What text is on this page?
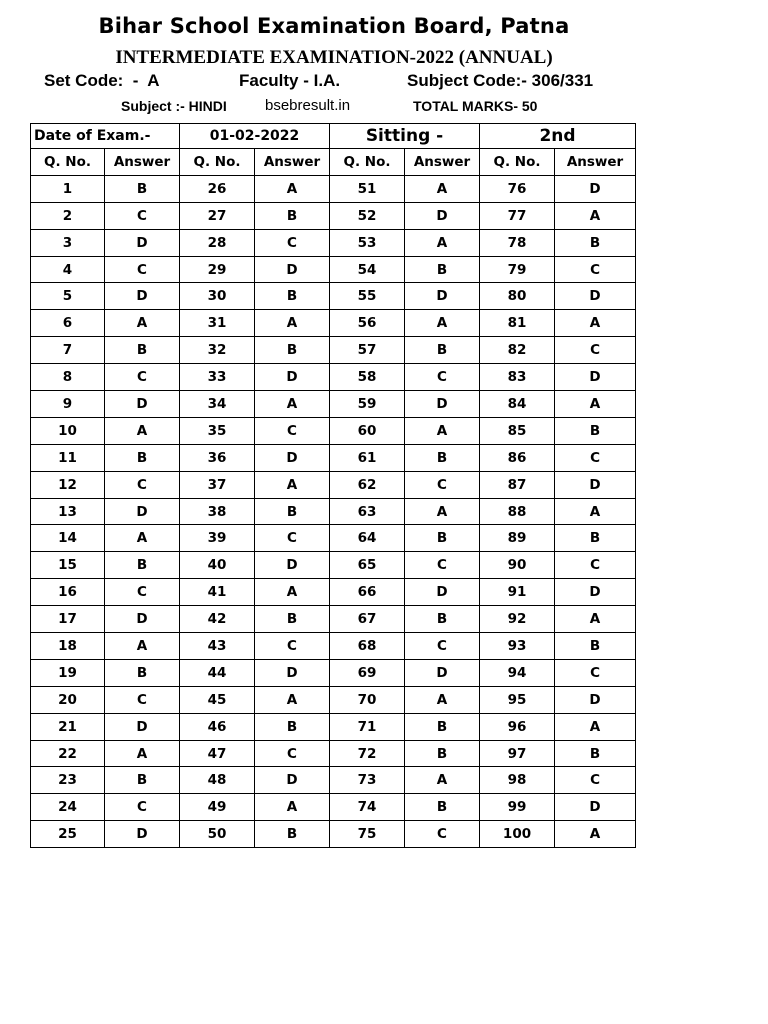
Bihar School Examination Board, Patna
INTERMEDIATE EXAMINATION-2022 (ANNUAL)
Set Code:  -  A	Faculty - I.A.	Subject Code:- 306/331
Subject :- HINDI	bsebresult.in	TOTAL MARKS- 50
Date of Exam.-		01-02-2022		Sitting -		2nd	
Q. No.	Answer	Q. No.	Answer	Q. No.	Answer	Q. No.	Answer
1	B	26	A	51	A	76	D
2	C	27	B	52	D	77	A
3	D	28	C	53	A	78	B
4	C	29	D	54	B	79	C
5	D	30	B	55	D	80	D
6	A	31	A	56	A	81	A
7	B	32	B	57	B	82	C
8	C	33	D	58	C	83	D
9	D	34	A	59	D	84	A
10	A	35	C	60	A	85	B
11	B	36	D	61	B	86	C
12	C	37	A	62	C	87	D
13	D	38	B	63	A	88	A
14	A	39	C	64	B	89	B
15	B	40	D	65	C	90	C
16	C	41	A	66	D	91	D
17	D	42	B	67	B	92	A
18	A	43	C	68	C	93	B
19	B	44	D	69	D	94	C
20	C	45	A	70	A	95	D
21	D	46	B	71	B	96	A
22	A	47	C	72	B	97	B
23	B	48	D	73	A	98	C
24	C	49	A	74	B	99	D
25	D	50	B	75	C	100	A
